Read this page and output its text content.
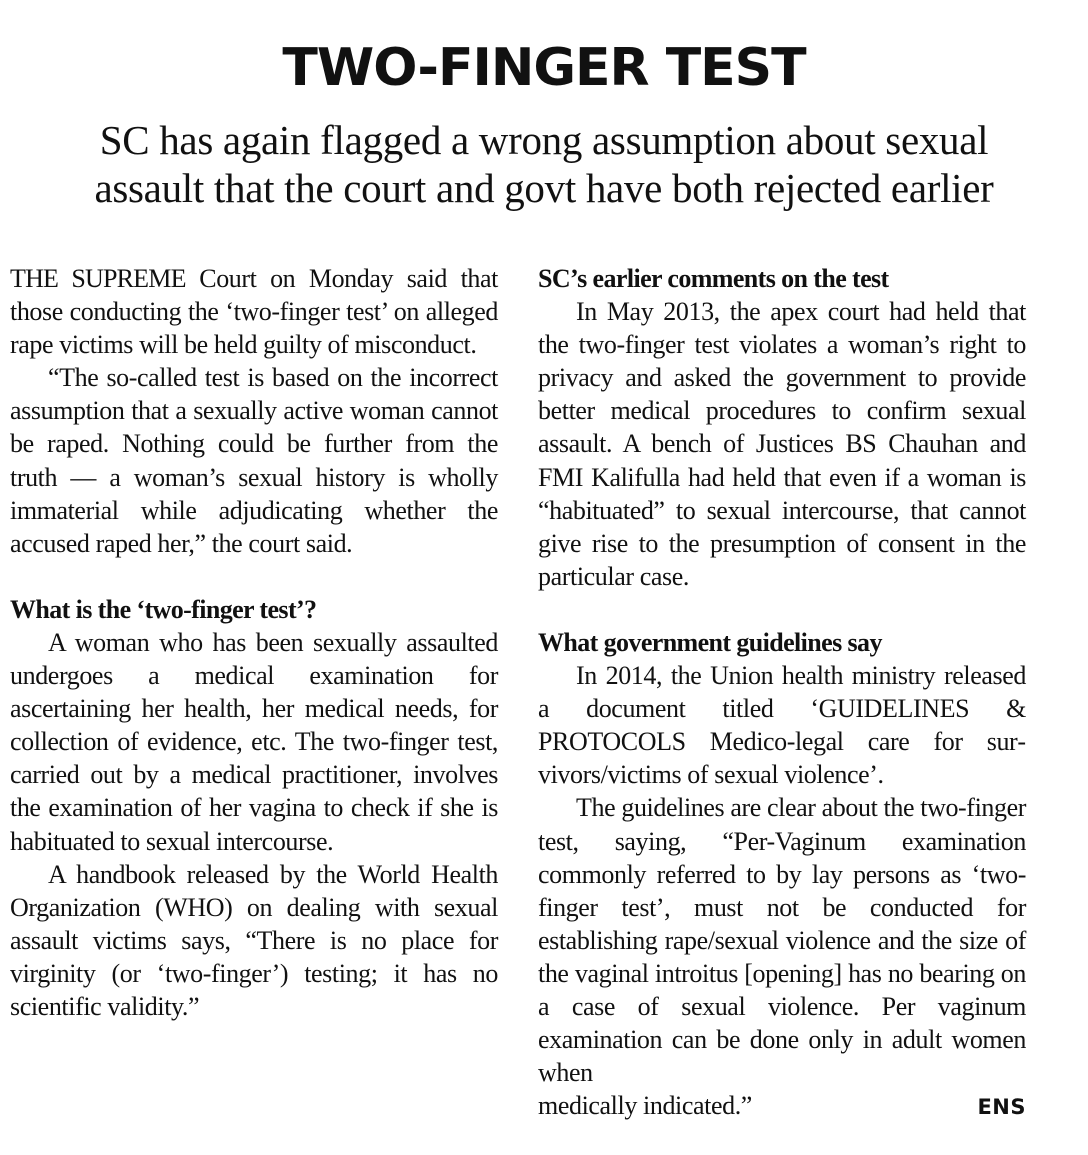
TWO-FINGER TEST
SC has again flagged a wrong assumption about sexual
assault that the court and govt have both rejected earlier

THE SUPREME Court on Monday said that those conducting the ‘two-finger test’ on alleged rape victims will be held guilty of misconduct.

“The so-called test is based on the incorrect assumption that a sexually active woman cannot be raped. Nothing could be further from the truth — a woman’s sexual history is wholly immaterial while adjudicating whether the accused raped her,” the court said.

What is the ‘two-finger test’?

A woman who has been sexually assaulted undergoes a medical examination for ascertaining her health, her medical needs, for collection of evidence, etc. The two-finger test, carried out by a medical practitioner, involves the examination of her vagina to check if she is habituated to sexual intercourse.

A handbook released by the World Health Organization (WHO) on dealing with sexual assault victims says, “There is no place for virginity (or ‘two-finger’) testing; it has no scientific validity.”

SC’s earlier comments on the test

In May 2013, the apex court had held that the two-finger test violates a woman’s right to privacy and asked the government to provide better medical procedures to confirm sexual assault. A bench of Justices BS Chauhan and FMI Kalifulla had held that even if a woman is “habituated” to sexual intercourse, that cannot give rise to the presumption of consent in the particular case.

What government guidelines say

In 2014, the Union health ministry released a document titled ‘GUIDELINES & PROTOCOLS Medico-legal care for survivors/victims of sexual violence’.

The guidelines are clear about the two-finger test, saying, “Per-Vaginum examination commonly referred to by lay persons as ‘two-finger test’, must not be conducted for establishing rape/sexual violence and the size of the vaginal introitus [opening] has no bearing on a case of sexual violence. Per vaginum examination can be done only in adult women when

medically indicated.”	ENS
